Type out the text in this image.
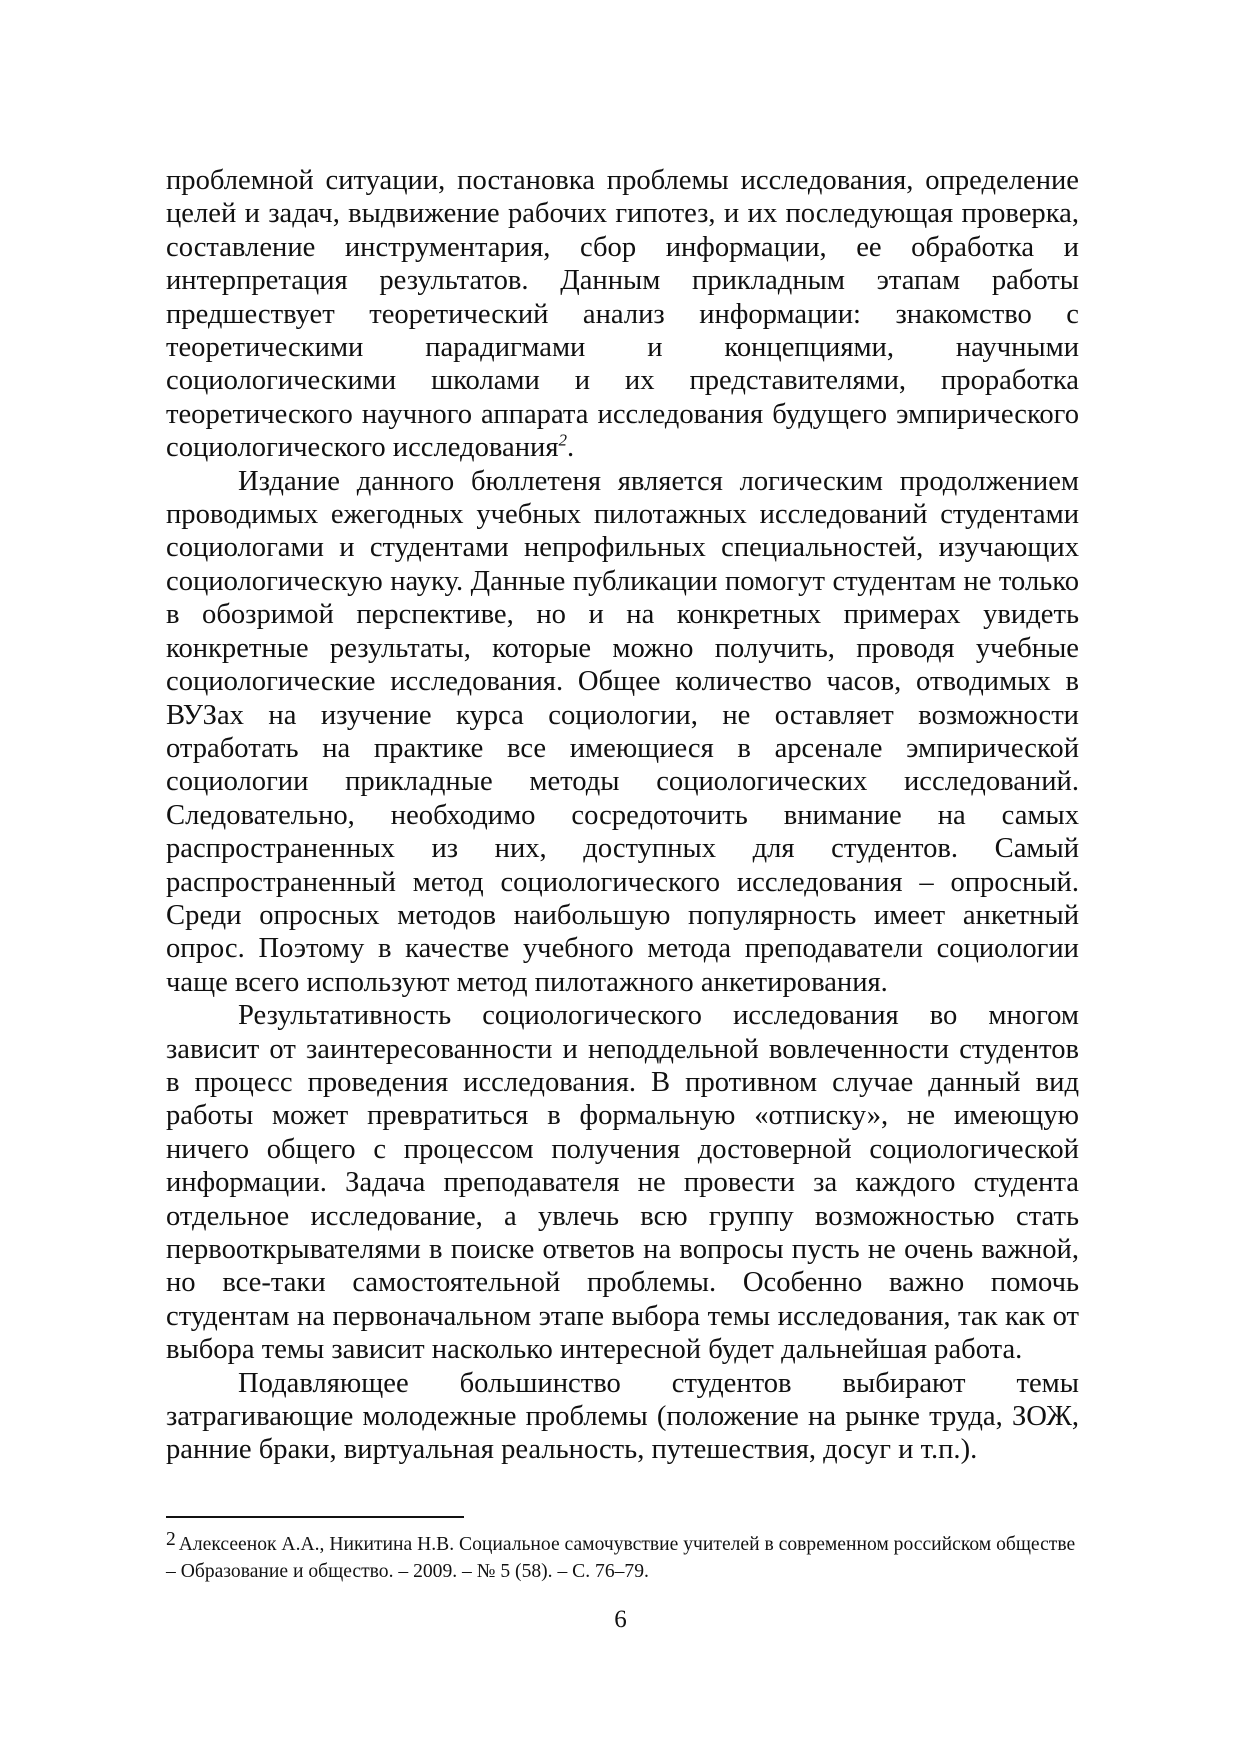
проблемной ситуации, постановка проблемы исследования, определение целей и задач, выдвижение рабочих гипотез, и их последующая проверка, составление инструментария, сбор информации, ее обработка и интерпретация результатов. Данным прикладным этапам работы предшествует теоретический анализ информации: знакомство с теоретическими парадигмами и концепциями, научными социологическими школами и их представителями, проработка теоретического научного аппарата исследования будущего эмпирического социологического исследования$^2$.

Издание данного бюллетеня является логическим продолжением проводимых ежегодных учебных пилотажных исследований студентами социологами и студентами непрофильных специальностей, изучающих социологическую науку. Данные публикации помогут студентам не только в обозримой перспективе, но и на конкретных примерах увидеть конкретные результаты, которые можно получить, проводя учебные социологические исследования. Общее количество часов, отводимых в ВУЗах на изучение курса социологии, не оставляет возможности отработать на практике все имеющиеся в арсенале эмпирической социологии прикладные методы социологических исследований. Следовательно, необходимо сосредоточить внимание на самых распространенных из них, доступных для студентов. Самый распространенный метод социологического исследования – опросный. Среди опросных методов наибольшую популярность имеет анкетный опрос. Поэтому в качестве учебного метода преподаватели социологии чаще всего используют метод пилотажного анкетирования.

Результативность социологического исследования во многом зависит от заинтересованности и неподдельной вовлеченности студентов в процесс проведения исследования. В противном случае данный вид работы может превратиться в формальную «отписку», не имеющую ничего общего с процессом получения достоверной социологической информации. Задача преподавателя не провести за каждого студента отдельное исследование, а увлечь всю группу возможностью стать первооткрывателями в поиске ответов на вопросы пусть не очень важной, но все-таки самостоятельной проблемы. Особенно важно помочь студентам на первоначальном этапе выбора темы исследования, так как от выбора темы зависит насколько интересной будет дальнейшая работа.

Подавляющее большинство студентов выбирают темы затрагивающие молодежные проблемы (положение на рынке труда, ЗОЖ, ранние браки, виртуальная реальность, путешествия, досуг и т.п.).

2 Алексеенок А.А., Никитина Н.В. Социальное самочувствие учителей в современном российском обществе – Образование и общество. – 2009. – № 5 (58). – С. 76–79.
6
